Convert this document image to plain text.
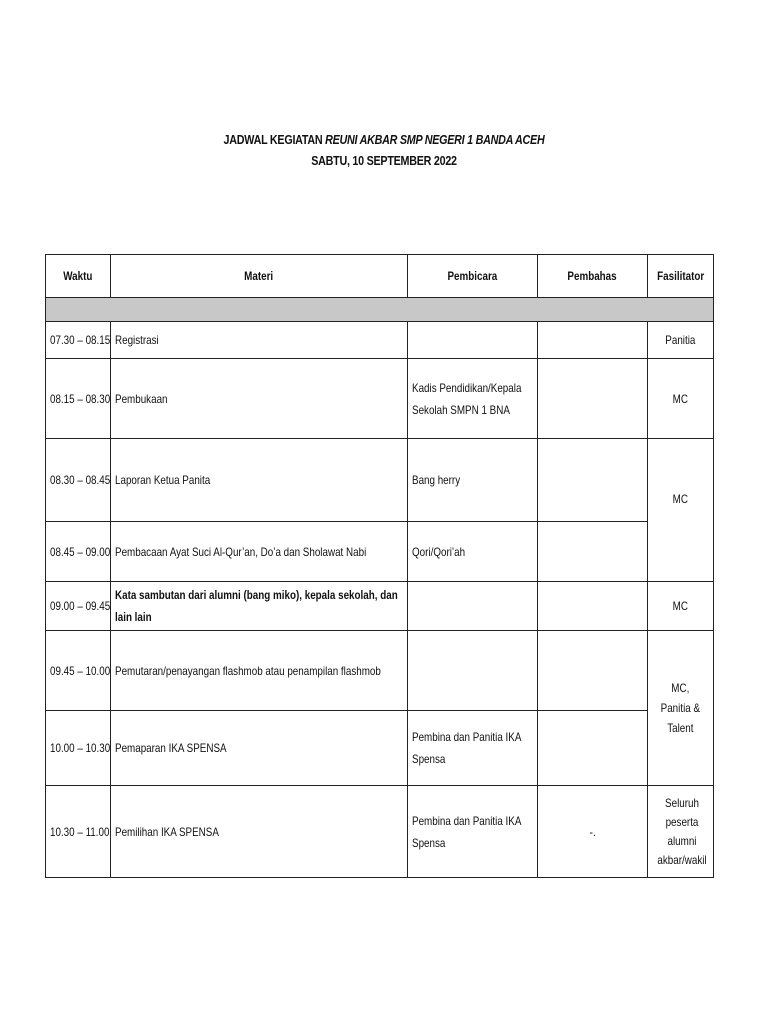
JADWAL KEGIATAN REUNI AKBAR SMP NEGERI 1 BANDA ACEH
SABTU, 10 SEPTEMBER 2022
Waktu	Materi	Pembicara	Pembahas	Fasilitator

07.30 – 08.15	Registrasi			Panitia
08.15 – 08.30	Pembukaan	Kadis Pendidikan/Kepala Sekolah SMPN 1 BNA		MC
08.30 – 08.45	Laporan Ketua Panita	Bang herry		MC
08.45 – 09.00	Pembacaan Ayat Suci Al-Qur’an, Do’a dan Sholawat Nabi	Qori/Qori’ah		
09.00 – 09.45	Kata sambutan dari alumni (bang miko), kepala sekolah, dan lain lain			MC
09.45 – 10.00	Pemutaran/penayangan flashmob atau penampilan flashmob			MC, Panitia & Talent
10.00 – 10.30	Pemaparan IKA SPENSA	Pembina dan Panitia IKA Spensa		
10.30 – 11.00	Pemilihan IKA SPENSA	Pembina dan Panitia IKA Spensa	-.	Seluruh peserta alumni akbar/wakil
